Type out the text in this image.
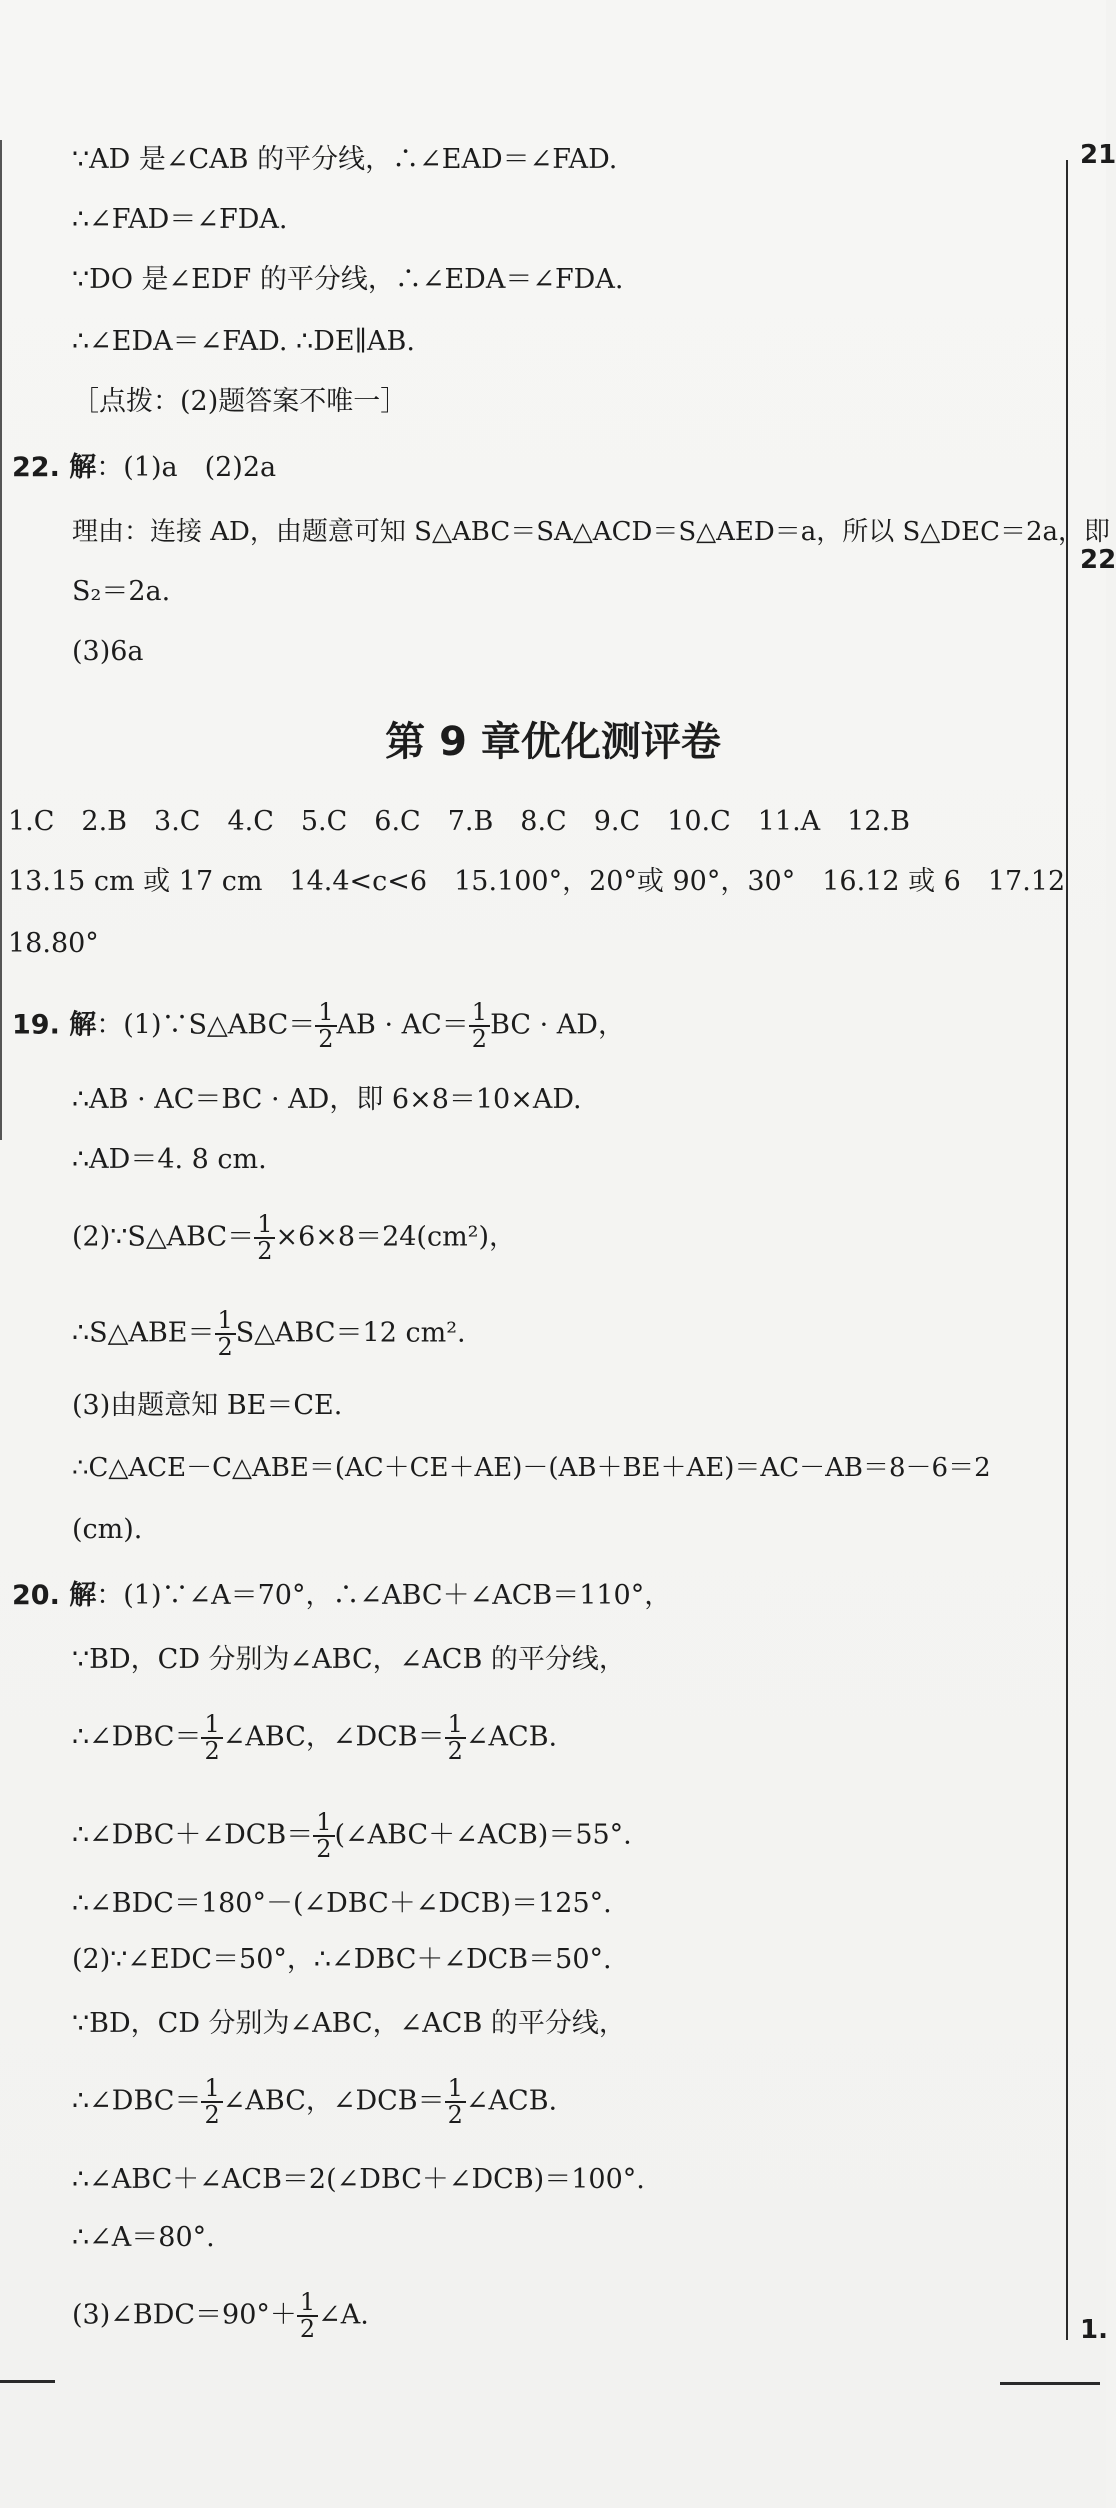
21
22
1.
∵AD 是∠CAB 的平分线，∴∠EAD＝∠FAD.
∴∠FAD＝∠FDA.
∵DO 是∠EDF 的平分线，∴∠EDA＝∠FDA.
∴∠EDA＝∠FAD. ∴DE∥AB.
［点拨：(2)题答案不唯一］
22. 解：(1)a　(2)2a
理由：连接 AD，由题意可知 S△ABC＝SA△ACD＝S△AED＝a，所以 S△DEC＝2a，即
S₂＝2a.
(3)6a
第 9 章优化测评卷
1.C　2.B　3.C　4.C　5.C　6.C　7.B　8.C　9.C　10.C　11.A　12.B
13.15 cm 或 17 cm　14.4<c<6　15.100°，20°或 90°，30°　16.12 或 6　17.12
18.80°
19. 解：(1)∵S△ABC＝ $\frac{1}{2}$ AB · $AC= \frac{1}{2}$ BC · AD，
∴AB · AC＝BC · AD，即 6×8＝10×AD.
∴AD＝4. 8 cm.
(2)∵S△ABC＝ $\frac{1}{2} \times 6\times 8=24(cm^2)$，
∴S△ABE＝ $\frac{1}{2}$ S△ABC＝12 cm².
(3)由题意知 BE＝CE.
∴C△ACE－C△ABE＝(AC＋CE＋AE)－(AB＋BE＋AE)＝AC－AB＝8－6＝2
(cm).
20. 解：(1)∵∠A＝70°，∴∠ABC＋∠ACB＝110°，
∵BD，CD 分别为∠ABC，∠ACB 的平分线，
∴∠DBC＝ $\frac{1}{2}$ ∠ABC，∠DCB＝ $\frac{1}{2}$ ∠ACB.
∴∠DBC＋∠DCB＝ $\frac{1}{2}$ (∠ABC＋∠ACB)＝55°.
∴∠BDC＝180°－(∠DBC＋∠DCB)＝125°.
(2)∵∠EDC＝50°，∴∠DBC＋∠DCB＝50°.
∵BD，CD 分别为∠ABC，∠ACB 的平分线，
∴∠DBC＝ $\frac{1}{2}$ ∠ABC，∠DCB＝ $\frac{1}{2}$ ∠ACB.
∴∠ABC＋∠ACB＝2(∠DBC＋∠DCB)＝100°.
∴∠A＝80°.
(3)∠BDC＝90°＋ $\frac{1}{2}$ ∠A.
